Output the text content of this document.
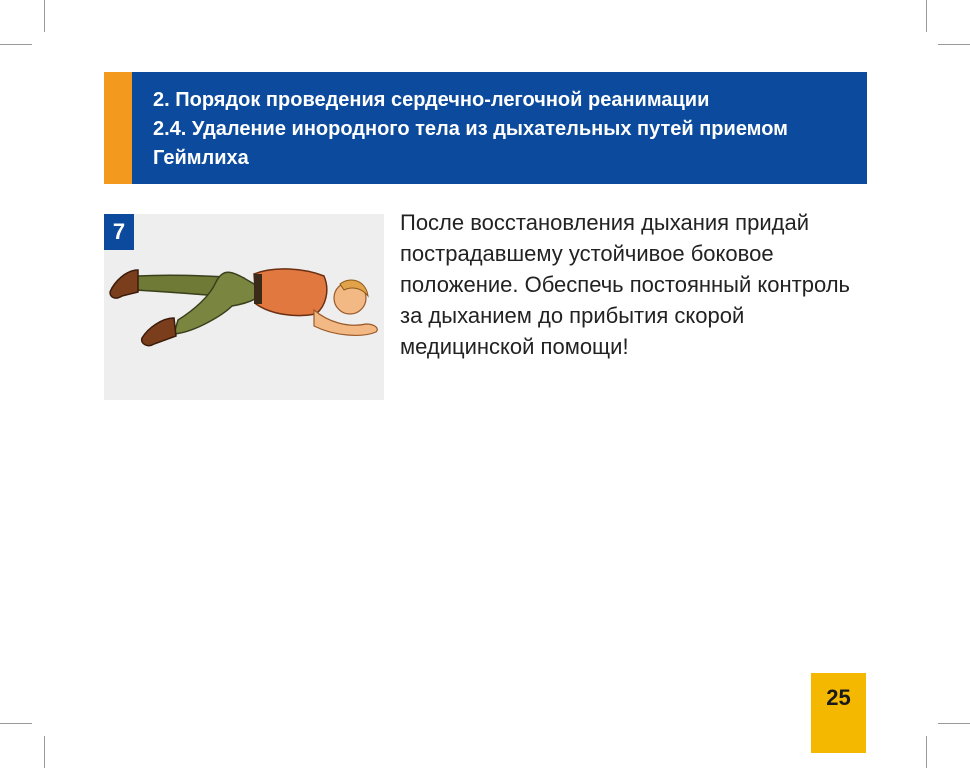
2. Порядок проведения сердечно-легочной реанимации
2.4. Удаление инородного тела из дыхательных путей приемом Геймлиха
7	После восстановления дыхания придай пострадавшему устойчивое боковое положение. Обеспечь постоянный контроль за дыханием до прибытия скорой медицинской помощи!
25
